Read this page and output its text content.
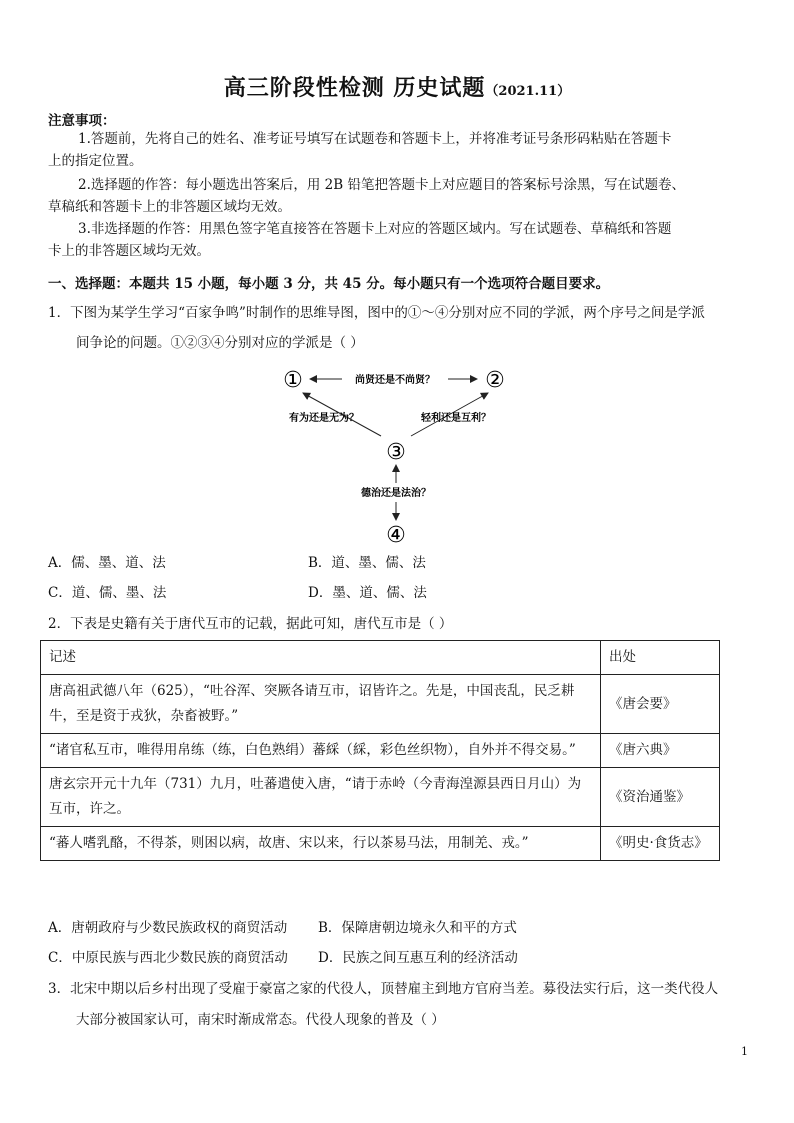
高三阶段性检测 历史试题（2021.11）
注意事项：
1.答题前，先将自己的姓名、准考证号填写在试题卷和答题卡上，并将准考证号条形码粘贴在答题卡
上的指定位置。
2.选择题的作答：每小题选出答案后，用 2B 铅笔把答题卡上对应题目的答案标号涂黑，写在试题卷、
草稿纸和答题卡上的非答题区域均无效。
3.非选择题的作答：用黑色签字笔直接答在答题卡上对应的答题区域内。写在试题卷、草稿纸和答题
卡上的非答题区域均无效。
一、选择题：本题共 15 小题，每小题 3 分，共 45 分。每小题只有一个选项符合题目要求。
1．下图为某学生学习“百家争鸣”时制作的思维导图，图中的①～④分别对应不同的学派，两个序号之间是学派
间争论的问题。①②③④分别对应的学派是（ ）
①	②
③
④
尚贤还是不尚贤？
有为还是无为？	轻利还是互利？
德治还是法治？
A．儒、墨、道、法	B．道、墨、儒、法
C．道、儒、墨、法	D．墨、道、儒、法
2．下表是史籍有关于唐代互市的记载，据此可知，唐代互市是（ ）
记述	出处
唐高祖武德八年（625），“吐谷浑、突厥各请互市，诏皆许之。先是，中国丧乱，民乏耕牛，至是资于戎狄，杂畜被野。”	《唐会要》
“诸官私互市，唯得用帛练（练，白色熟绢）蕃綵（綵，彩色丝织物），自外并不得交易。”	《唐六典》
唐玄宗开元十九年（731）九月，吐蕃遣使入唐，“请于赤岭（今青海湟源县西日月山）为互市，许之。	《资治通鉴》
“蕃人嗜乳酪，不得茶，则困以病，故唐、宋以来，行以茶易马法，用制羌、戎。”	《明史·食货志》
A．唐朝政府与少数民族政权的商贸活动 B．保障唐朝边境永久和平的方式
C．中原民族与西北少数民族的商贸活动 D．民族之间互惠互利的经济活动
3．北宋中期以后乡村出现了受雇于豪富之家的代役人，顶替雇主到地方官府当差。募役法实行后，这一类代役人
大部分被国家认可，南宋时渐成常态。代役人现象的普及（ ）
1
